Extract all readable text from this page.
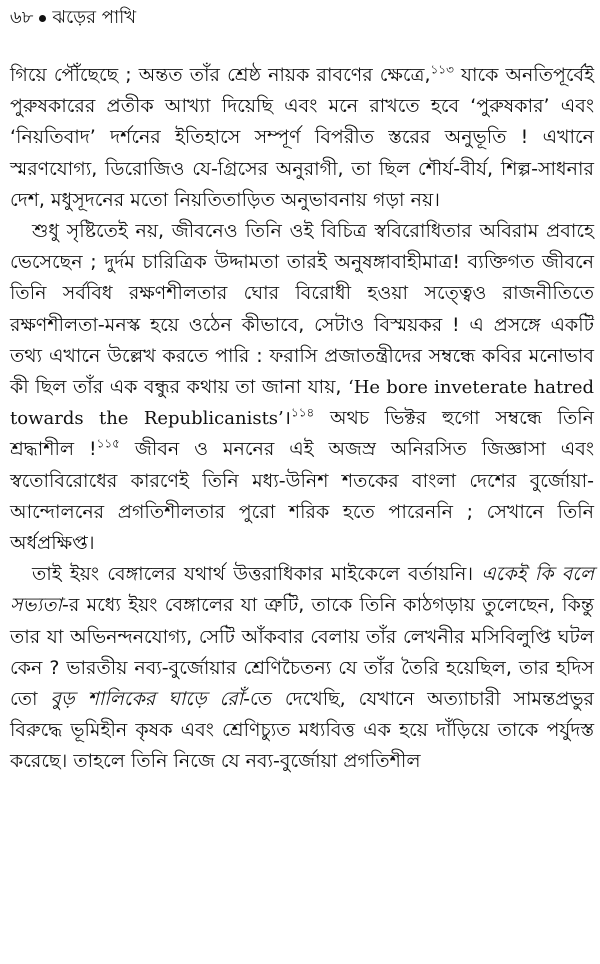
৬৮ ঝড়ের পাখি

গিয়ে পৌঁছেছে ; অন্তত তাঁর শ্রেষ্ঠ নায়ক রাবণের ক্ষেত্রে,$^{১১৩}$ যাকে অনতিপূর্বেই পুরুষকারের প্রতীক আখ্যা দিয়েছি এবং মনে রাখতে হবে ‘পুরুষকার’ এবং ‘নিয়তিবাদ’ দর্শনের ইতিহাসে সম্পূর্ণ বিপরীত স্তরের অনুভূতি ! এখানে স্মরণযোগ্য, ডিরোজিও যে-গ্রিসের অনুরাগী, তা ছিল শৌর্য-বীর্য, শিল্প-সাধনার দেশ, মধুসূদনের মতো নিয়তিতাড়িত অনুভাবনায় গড়া নয়।

শুধু সৃষ্টিতেই নয়, জীবনেও তিনি ওই বিচিত্র স্ববিরোধিতার অবিরাম প্রবাহে ভেসেছেন ; দুর্দম চারিত্রিক উদ্দামতা তারই অনুষঙ্গাবাহীমাত্র! ব্যক্তিগত জীবনে তিনি সর্ববিধ রক্ষণশীলতার ঘোর বিরোধী হওয়া সত্ত্বেও রাজনীতিতে রক্ষণশীলতা-মনস্ক হয়ে ওঠেন কীভাবে, সেটাও বিস্ময়কর ! এ প্রসঙ্গে একটি তথ্য এখানে উল্লেখ করতে পারি : ফরাসি প্রজাতন্ত্রীদের সম্বন্ধে কবির মনোভাব কী ছিল তাঁর এক বন্ধুর কথায় তা জানা যায়, ‘He bore inveterate hatred towards the Republicanists’।$^{১১৪}$ অথচ ভিক্টর হুগো সম্বন্ধে তিনি শ্রদ্ধাশীল !$^{১১৫}$ জীবন ও মননের এই অজস্র অনিরসিত জিজ্ঞাসা এবং স্বতোবিরোধের কারণেই তিনি মধ্য-উনিশ শতকের বাংলা দেশের বুর্জোয়া-আন্দোলনের প্রগতিশীলতার পুরো শরিক হতে পারেননি ; সেখানে তিনি অর্ধপ্রক্ষিপ্ত।

তাই ইয়ং বেঙ্গালের যথার্থ উত্তরাধিকার মাইকেলে বর্তায়নি। একেই কি বলে সভ্যতা-র মধ্যে ইয়ং বেঙ্গালের যা ত্রুটি, তাকে তিনি কাঠগড়ায় তুলেছেন, কিন্তু তার যা অভিনন্দনযোগ্য, সেটি আঁকবার বেলায় তাঁর লেখনীর মসিবিলুপ্তি ঘটল কেন ? ভারতীয় নব্য-বুর্জোয়ার শ্রেণিচৈতন্য যে তাঁর তৈরি হয়েছিল, তার হদিস তো বুড় শালিকের ঘাড়ে রোঁ-তে দেখেছি, যেখানে অত্যাচারী সামন্তপ্রভুর বিরুদ্ধে ভূমিহীন কৃষক এবং শ্রেণিচ্যুত মধ্যবিত্ত এক হয়ে দাঁড়িয়ে তাকে পর্যুদস্ত করেছে। তাহলে তিনি নিজে যে নব্য-বুর্জোয়া প্রগতিশীল
